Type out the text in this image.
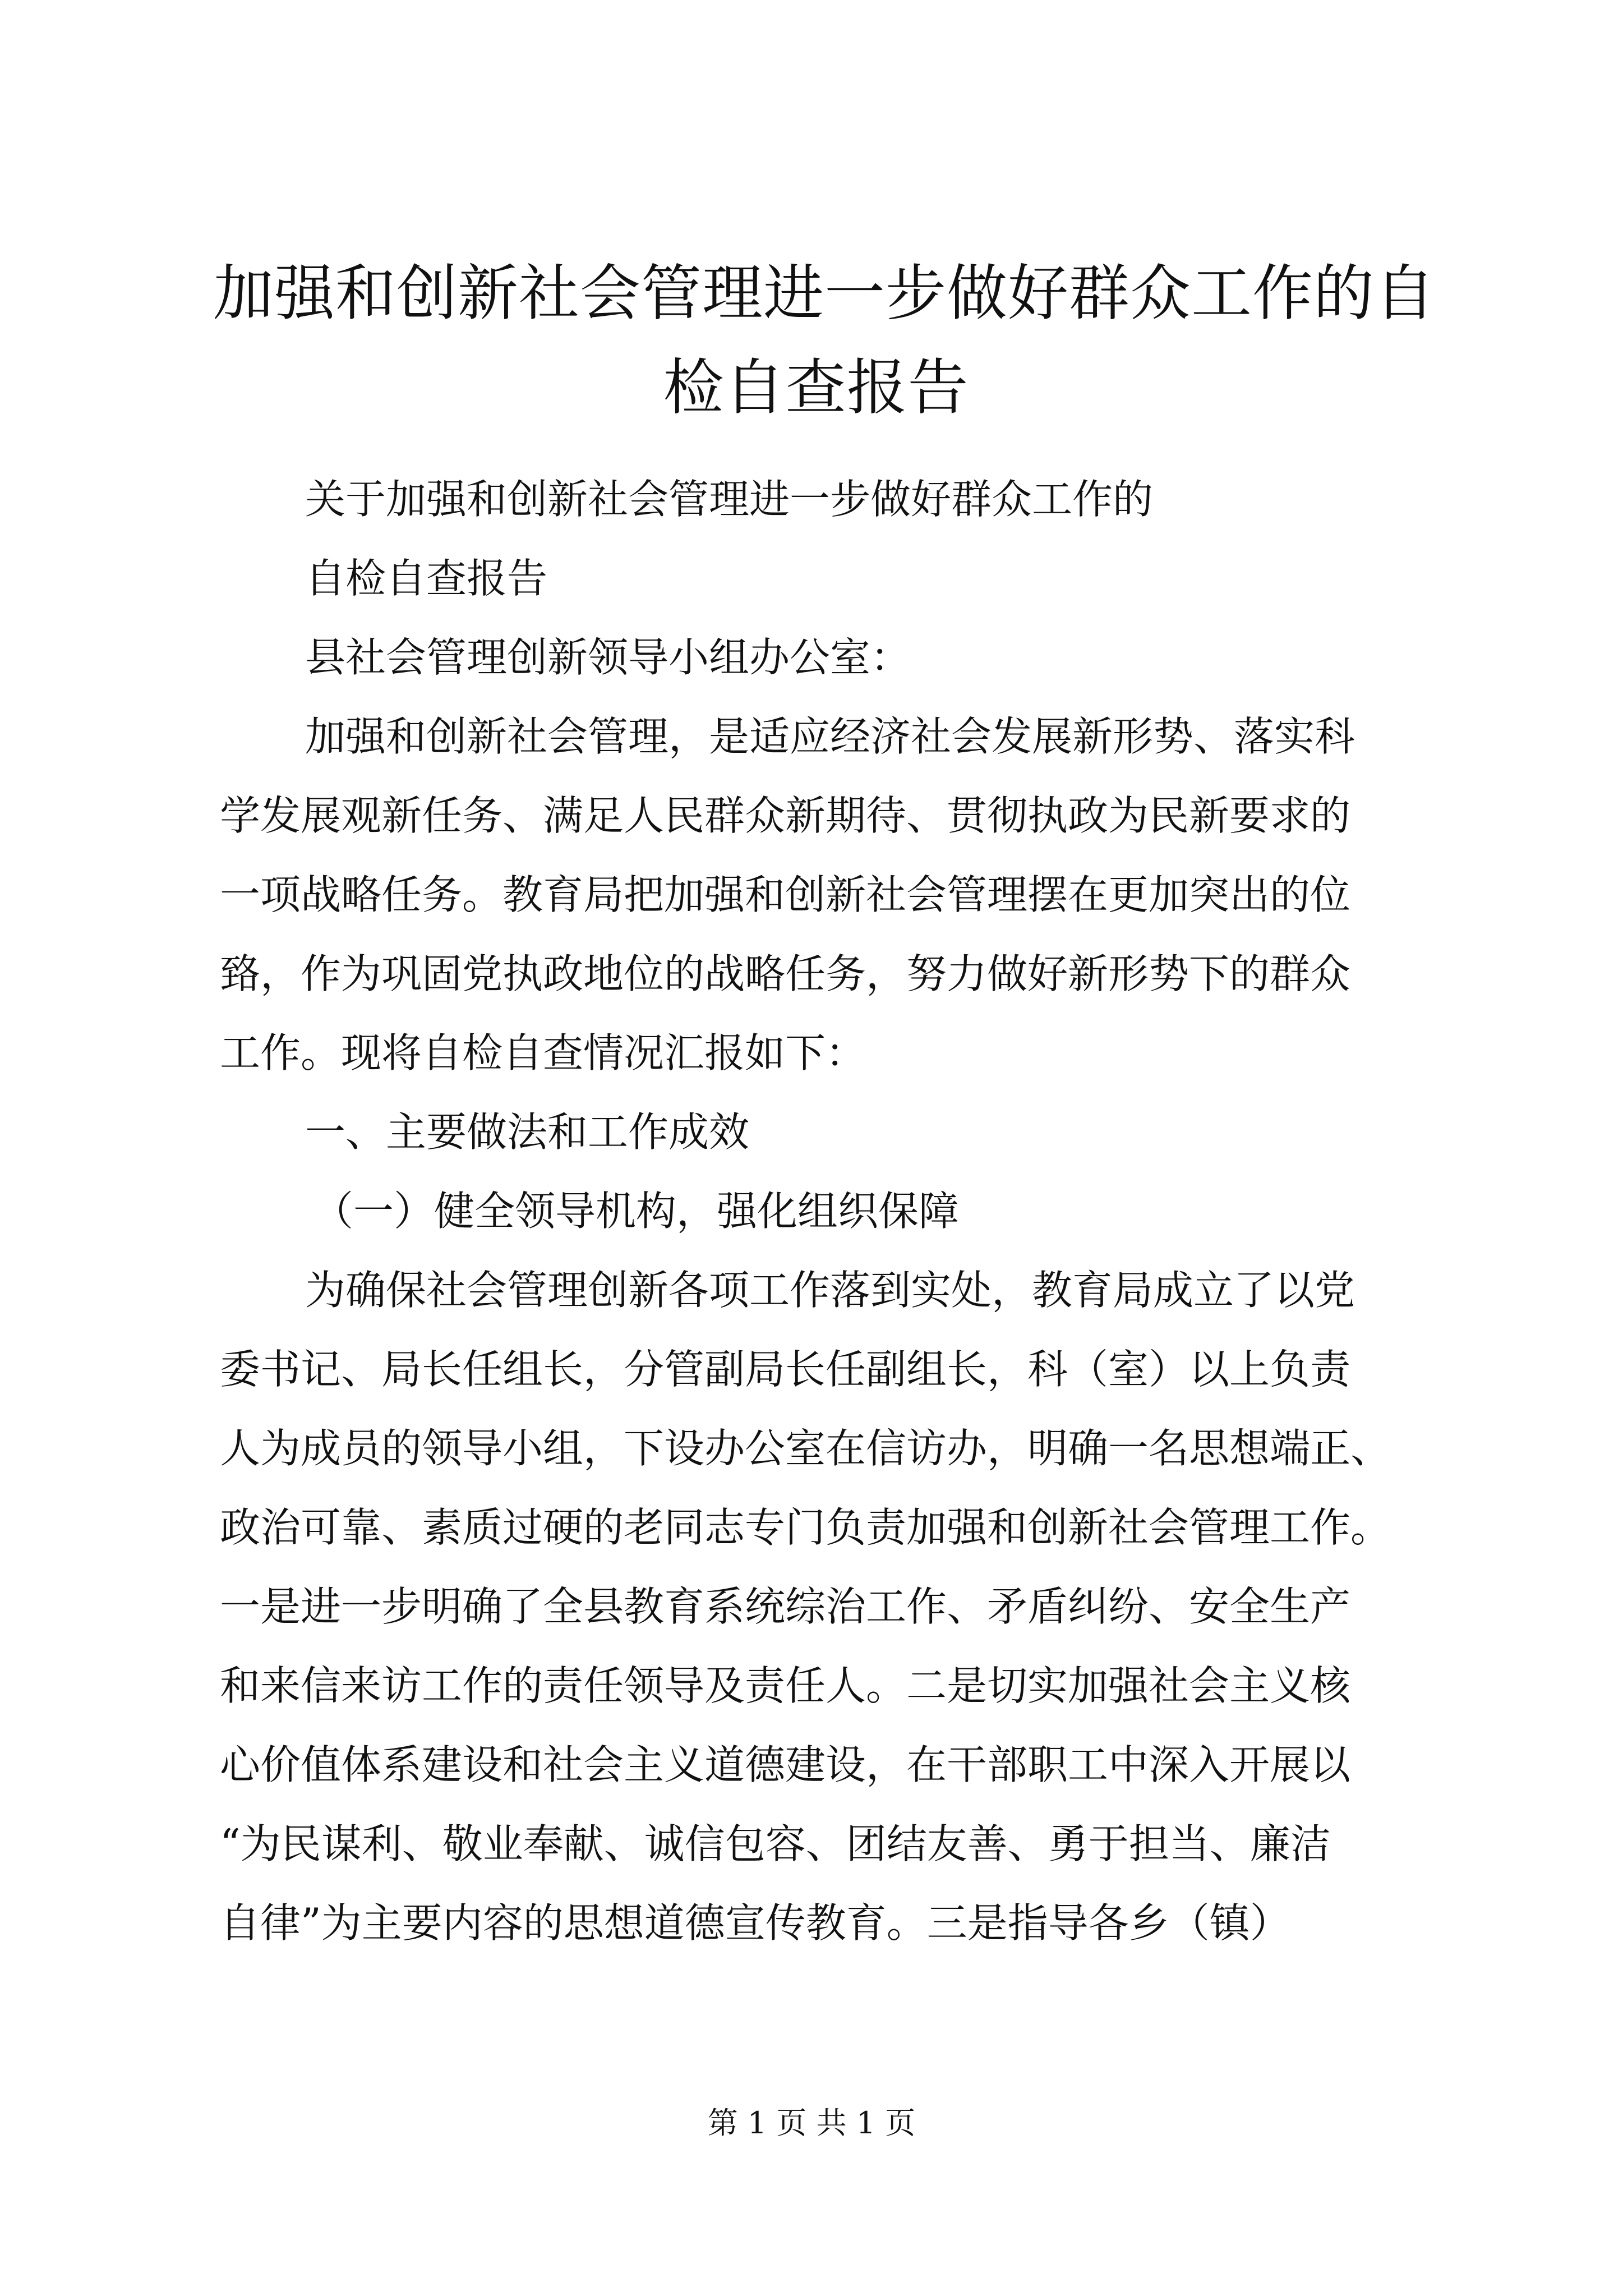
加强和创新社会管理进一步做好群众工作的自
检自查报告
关于加强和创新社会管理进一步做好群众工作的
自检自查报告
县社会管理创新领导小组办公室：
加强和创新社会管理，是适应经济社会发展新形势、落实科
学发展观新任务、满足人民群众新期待、贯彻执政为民新要求的
一项战略任务。教育局把加强和创新社会管理摆在更加突出的位
臵，作为巩固党执政地位的战略任务，努力做好新形势下的群众
工作。现将自检自查情况汇报如下：
一、主要做法和工作成效
（一）健全领导机构，强化组织保障
为确保社会管理创新各项工作落到实处，教育局成立了以党
委书记、局长任组长，分管副局长任副组长，科（室）以上负责
人为成员的领导小组，下设办公室在信访办，明确一名思想端正、
政治可靠、素质过硬的老同志专门负责加强和创新社会管理工作。
一是进一步明确了全县教育系统综治工作、矛盾纠纷、安全生产
和来信来访工作的责任领导及责任人。二是切实加强社会主义核
心价值体系建设和社会主义道德建设，在干部职工中深入开展以
“为民谋利、敬业奉献、诚信包容、团结友善、勇于担当、廉洁
自律”为主要内容的思想道德宣传教育。三是指导各乡（镇）
第 1 页 共 1 页
